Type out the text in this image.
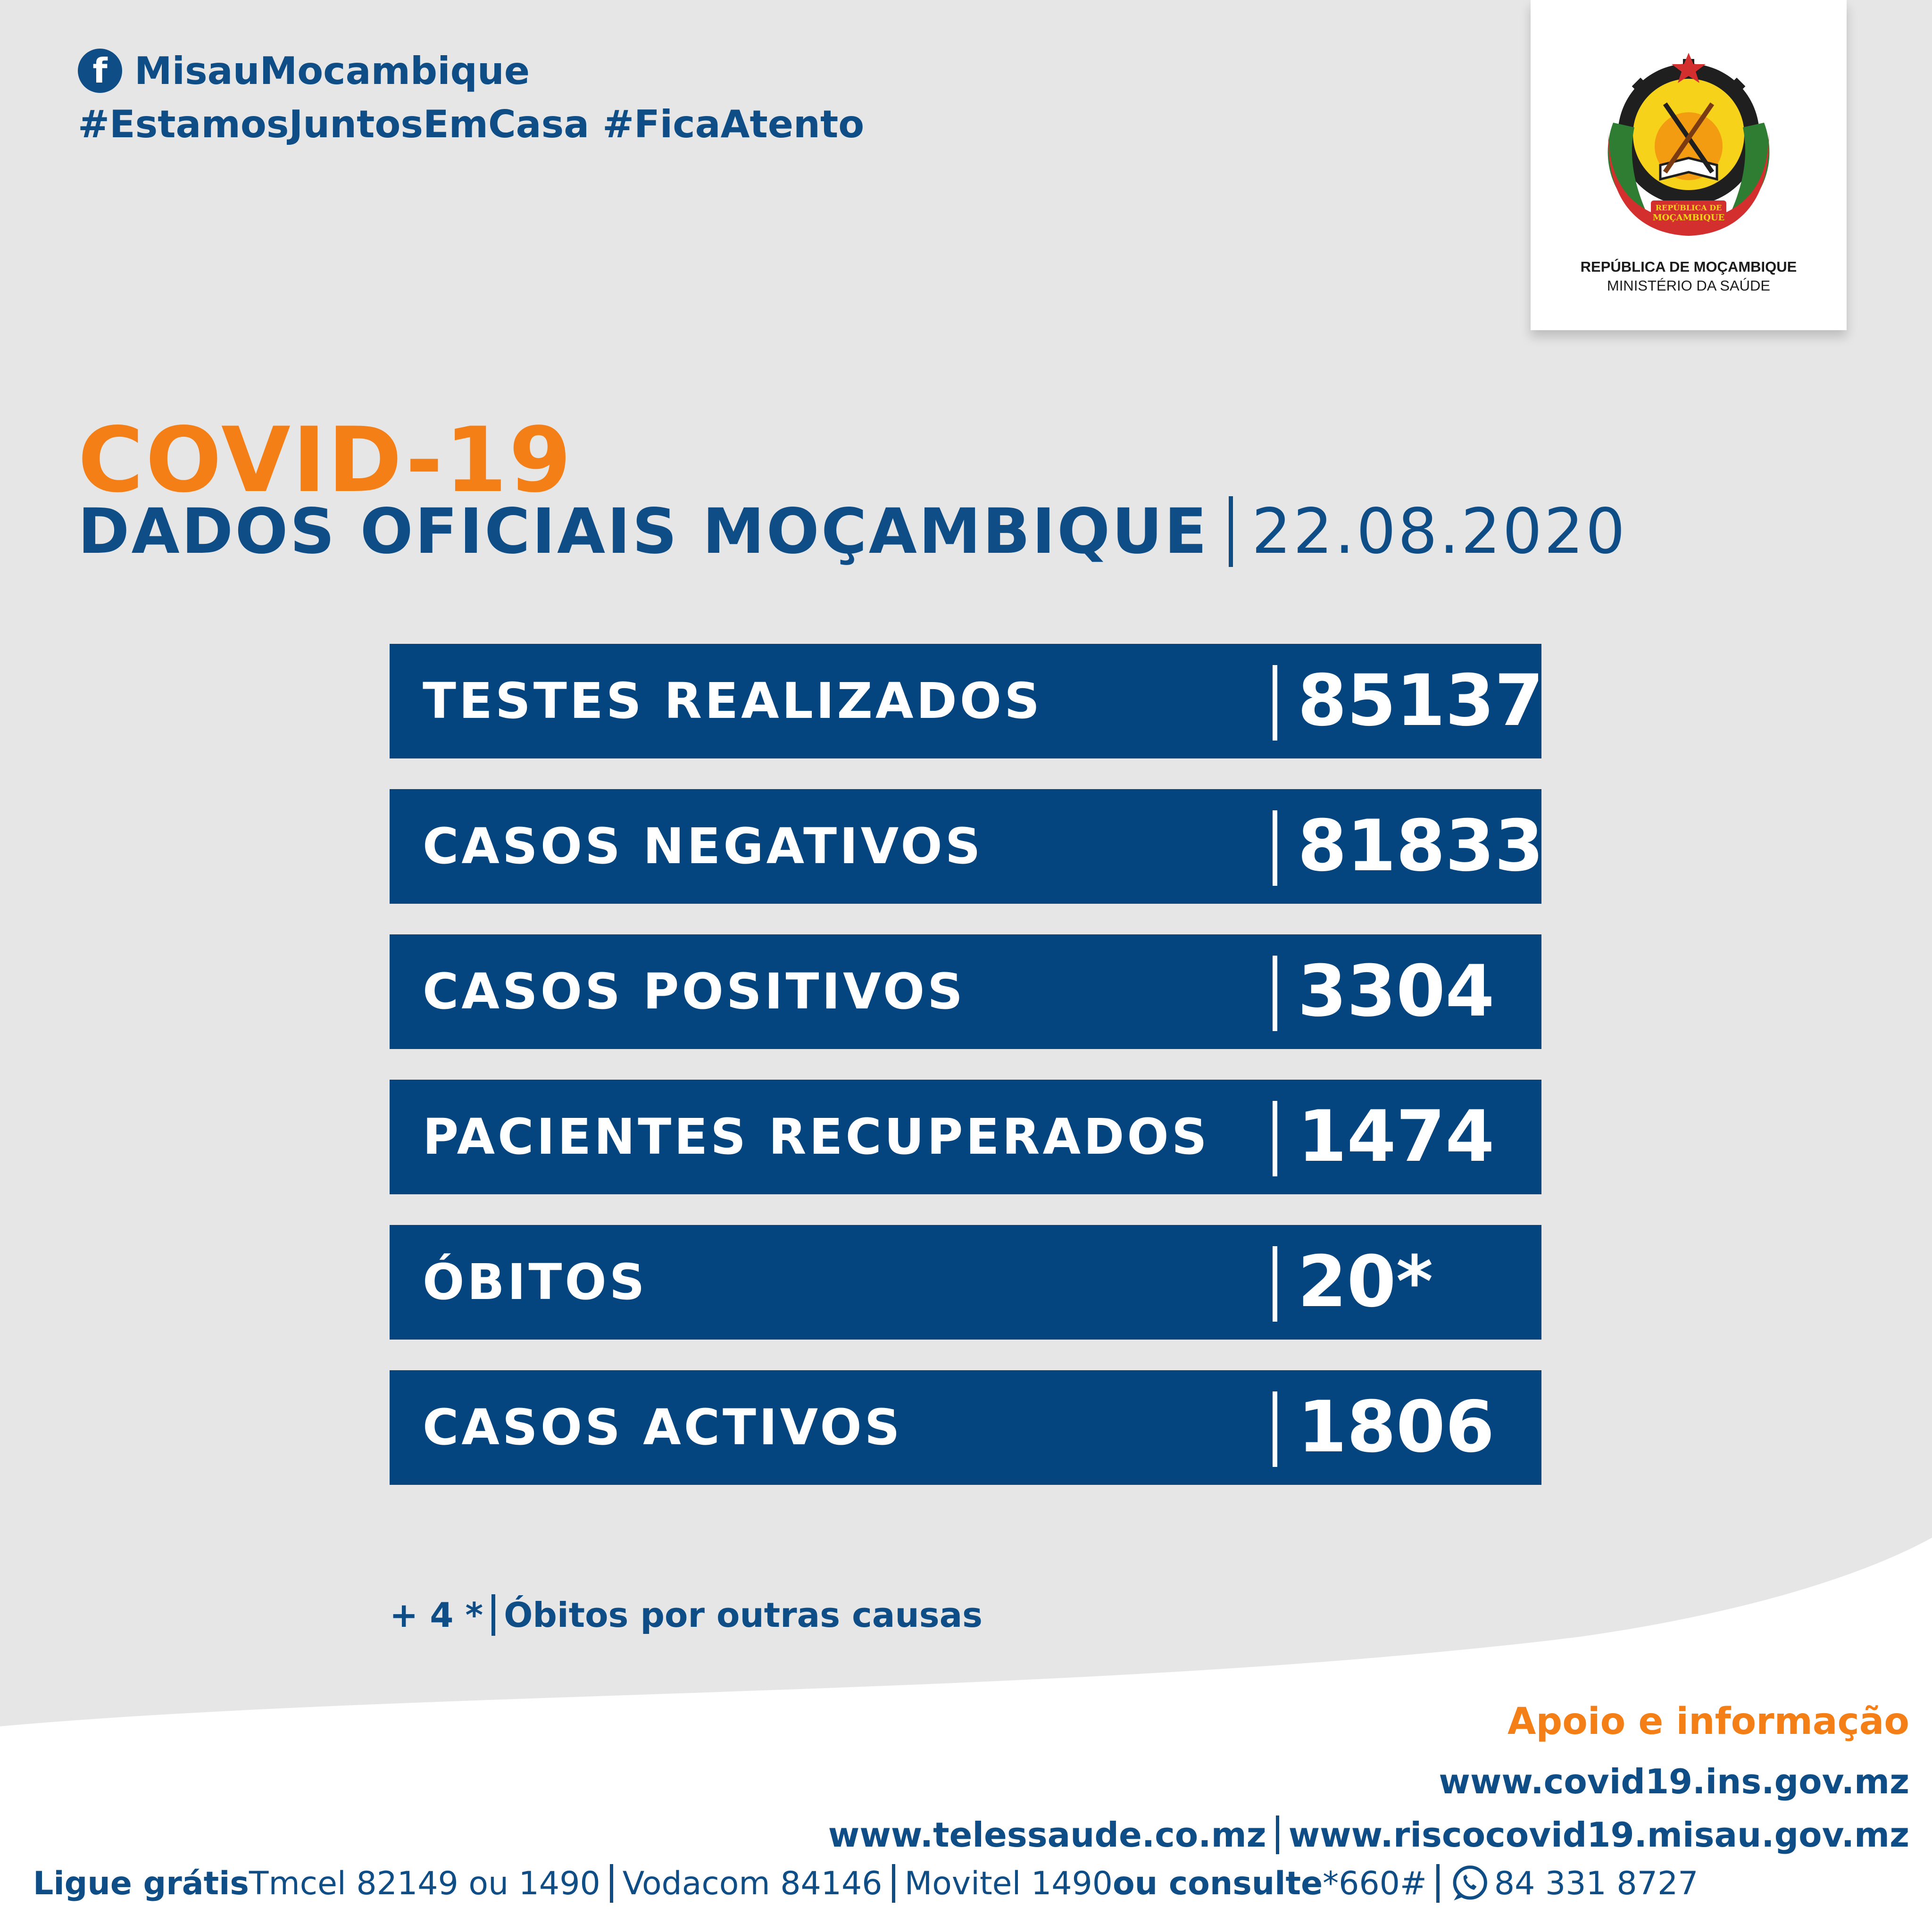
f MisauMocambique
#EstamosJuntosEmCasa #FicaAtento
REPÚBLICA DE
MOÇAMBIQUE
REPÚBLICA DE MOÇAMBIQUE
MINISTÉRIO DA SAÚDE
COVID-19
DADOS OFICIAIS MOÇAMBIQUE 22.08.2020
TESTES REALIZADOS	85137
CASOS NEGATIVOS	81833
CASOS POSITIVOS	3304
PACIENTES RECUPERADOS 1474
ÓBITOS	20*
CASOS ACTIVOS	1806
+ 4 * Óbitos por outras causas
Apoio e informação
www.covid19.ins.gov.mz
www.telessaude.co.mz www.riscocovid19.misau.gov.mz
Ligue grátis Tmcel 82149 ou 1490 Vodacom 84146 Movitel 1490 ou consulte *660# 84 331 8727
